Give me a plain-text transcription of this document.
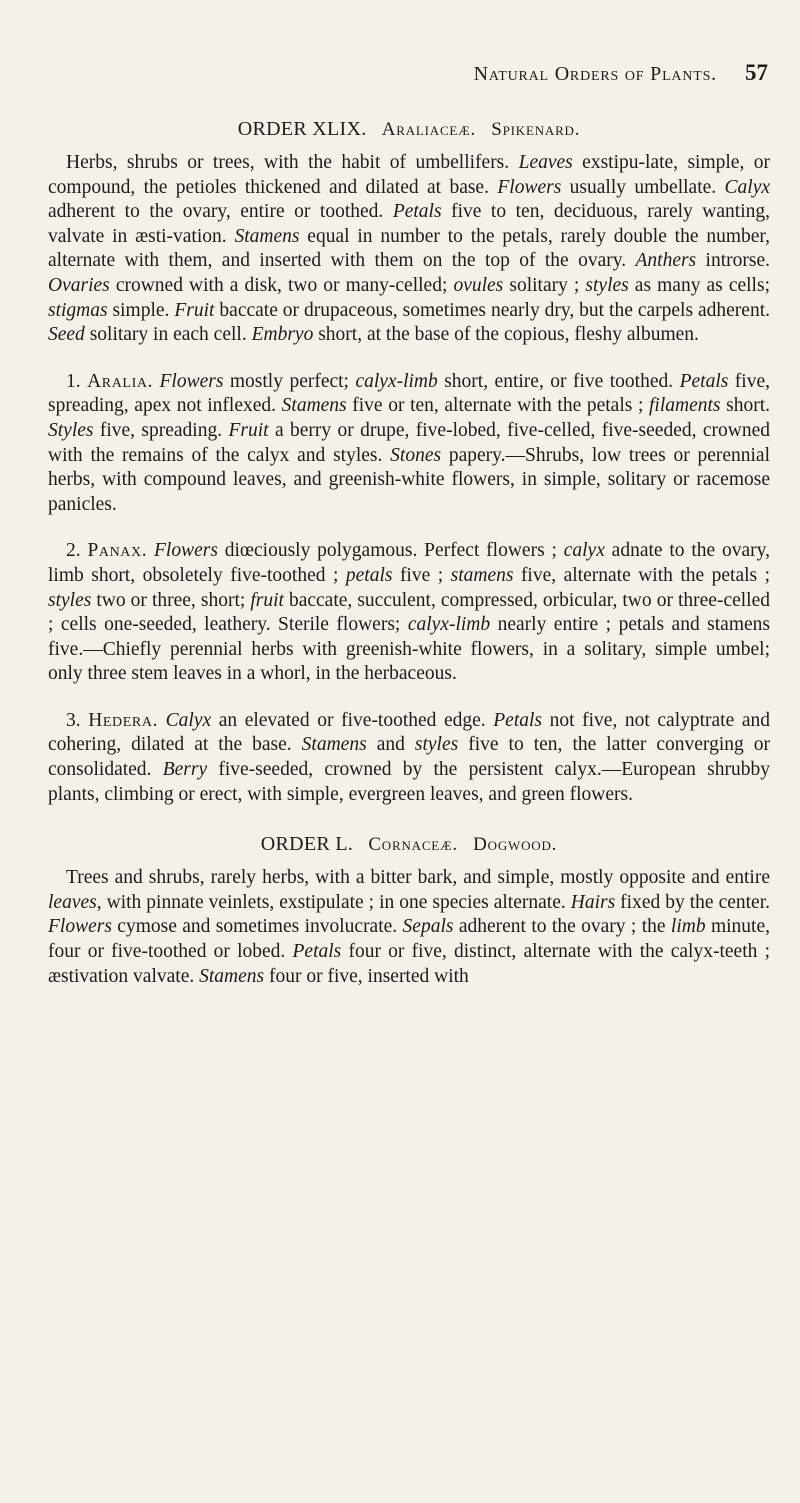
Natural Orders of Plants. 57
ORDER XLIX. Araliaceæ. Spikenard.

Herbs, shrubs or trees, with the habit of umbellifers. Leaves exstipu-late, simple, or compound, the petioles thickened and dilated at base. Flowers usually umbellate. Calyx adherent to the ovary, entire or toothed. Petals five to ten, deciduous, rarely wanting, valvate in æsti-vation. Stamens equal in number to the petals, rarely double the number, alternate with them, and inserted with them on the top of the ovary. Anthers introrse. Ovaries crowned with a disk, two or many-celled; ovules solitary ; styles as many as cells; stigmas simple. Fruit baccate or drupaceous, sometimes nearly dry, but the carpels adherent. Seed solitary in each cell. Embryo short, at the base of the copious, fleshy albumen.

1. Aralia. Flowers mostly perfect; calyx-limb short, entire, or five toothed. Petals five, spreading, apex not inflexed. Stamens five or ten, alternate with the petals ; filaments short. Styles five, spreading. Fruit a berry or drupe, five-lobed, five-celled, five-seeded, crowned with the remains of the calyx and styles. Stones papery.—Shrubs, low trees or perennial herbs, with compound leaves, and greenish-white flowers, in simple, solitary or racemose panicles.

2. Panax. Flowers diœciously polygamous. Perfect flowers ; calyx adnate to the ovary, limb short, obsoletely five-toothed ; petals five ; stamens five, alternate with the petals ; styles two or three, short; fruit baccate, succulent, compressed, orbicular, two or three-celled ; cells one-seeded, leathery. Sterile flowers; calyx-limb nearly entire ; petals and stamens five.—Chiefly perennial herbs with greenish-white flowers, in a solitary, simple umbel; only three stem leaves in a whorl, in the herbaceous.

3. Hedera. Calyx an elevated or five-toothed edge. Petals not five, not calyptrate and cohering, dilated at the base. Stamens and styles five to ten, the latter converging or consolidated. Berry five-seeded, crowned by the persistent calyx.—European shrubby plants, climbing or erect, with simple, evergreen leaves, and green flowers.

ORDER L. Cornaceæ. Dogwood.

Trees and shrubs, rarely herbs, with a bitter bark, and simple, mostly opposite and entire leaves, with pinnate veinlets, exstipulate ; in one species alternate. Hairs fixed by the center. Flowers cymose and sometimes involucrate. Sepals adherent to the ovary ; the limb minute, four or five-toothed or lobed. Petals four or five, distinct, alternate with the calyx-teeth ; æstivation valvate. Stamens four or five, inserted with
